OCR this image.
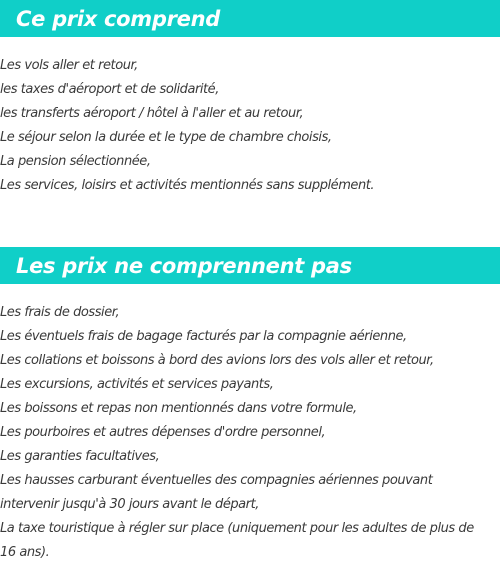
Ce prix comprend
Les vols aller et retour,
les taxes d'aéroport et de solidarité,
les transferts aéroport / hôtel à l'aller et au retour,
Le séjour selon la durée et le type de chambre choisis,
La pension sélectionnée,
Les services, loisirs et activités mentionnés sans supplément.
Les prix ne comprennent pas
Les frais de dossier,
Les éventuels frais de bagage facturés par la compagnie aérienne,
Les collations et boissons à bord des avions lors des vols aller et retour,
Les excursions, activités et services payants,
Les boissons et repas non mentionnés dans votre formule,
Les pourboires et autres dépenses d'ordre personnel,
Les garanties facultatives,
Les hausses carburant éventuelles des compagnies aériennes pouvant intervenir jusqu'à 30 jours avant le départ,
La taxe touristique à régler sur place (uniquement pour les adultes de plus de 16 ans).
